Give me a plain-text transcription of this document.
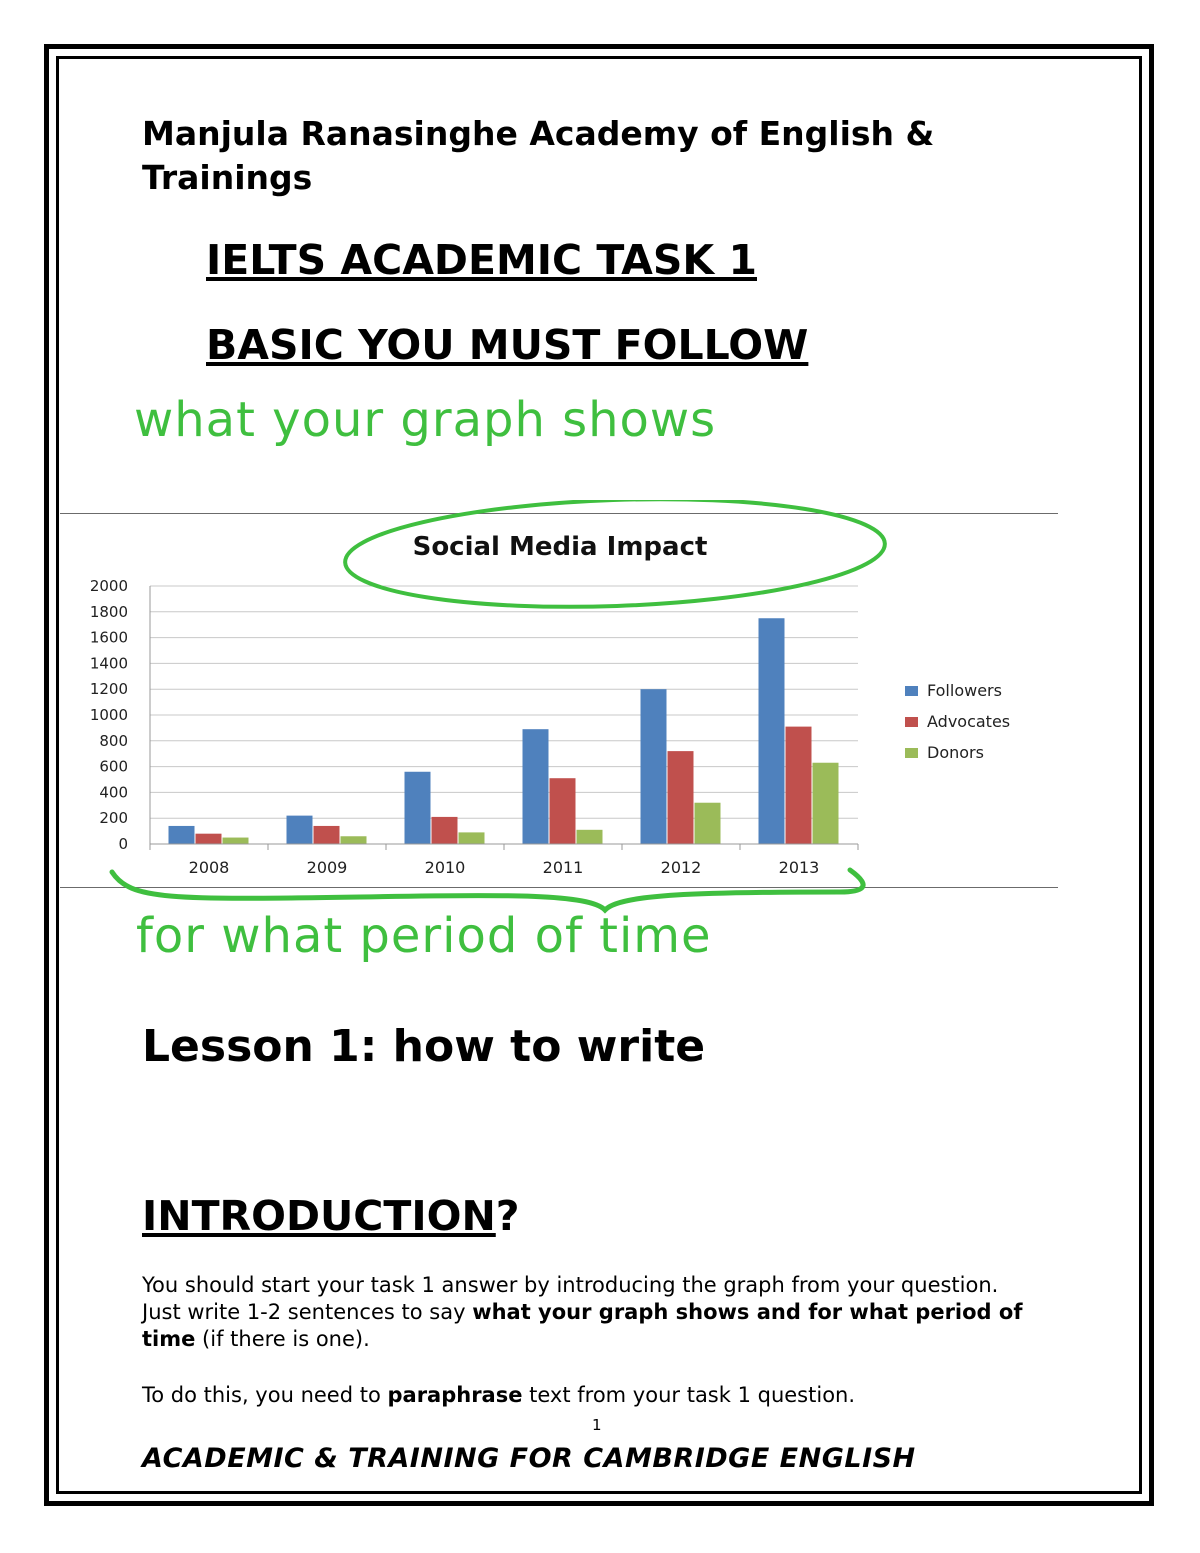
Manjula Ranasinghe Academy of English & Trainings
IELTS ACADEMIC TASK 1
BASIC YOU MUST FOLLOW
what your graph shows
0
200
400
600
800
1000
1200
1400
1600
1800
2000
2008	2009	2010	2011	2012	2013
Followers
Advocates
Donors
Social Media Impact
for what period of time
Lesson 1: how to write
INTRODUCTION?
You should start your task 1 answer by introducing the graph from your question. Just write 1-2 sentences to say what your graph shows and for what period of time (if there is one).
To do this, you need to paraphrase text from your task 1 question.
1
ACADEMIC & TRAINING FOR CAMBRIDGE ENGLISH
